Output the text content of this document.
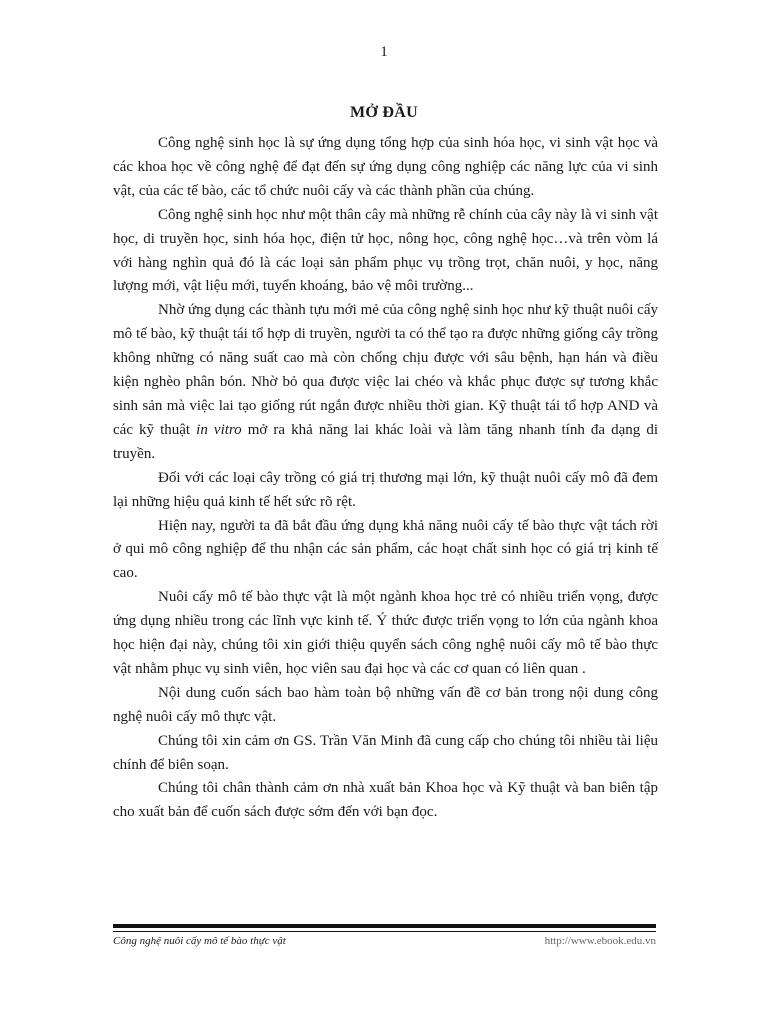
1
MỞ ĐẦU

Công nghệ sinh học là sự ứng dụng tổng hợp của sinh hóa học, vi sinh vật học và các khoa học về công nghệ để đạt đến sự ứng dụng công nghiệp các năng lực của vi sinh vật, của các tế bào, các tổ chức nuôi cấy và các thành phần của chúng.

Công nghệ sinh học như một thân cây mà những rễ chính của cây này là vi sinh vật học, di truyền học, sinh hóa học, điện tử học, nông học, công nghệ học…và trên vòm lá với hàng nghìn quả đó là các loại sản phẩm phục vụ trồng trọt, chăn nuôi, y học, năng lượng mới, vật liệu mới, tuyển khoáng, bảo vệ môi trường...

Nhờ ứng dụng các thành tựu mới mẻ của công nghệ sinh học như kỹ thuật nuôi cấy mô tế bào, kỹ thuật tái tổ hợp di truyền, người ta có thể tạo ra được những giống cây trồng không những có năng suất cao mà còn chống chịu được với sâu bệnh, hạn hán và điều kiện nghèo phân bón. Nhờ bỏ qua được việc lai chéo và khắc phục được sự tương khắc sinh sản mà việc lai tạo giống rút ngắn được nhiều thời gian. Kỹ thuật tái tổ hợp AND và các kỹ thuật in vitro mở ra khả năng lai khác loài và làm tăng nhanh tính đa dạng di truyền.

Đối với các loại cây trồng có giá trị thương mại lớn, kỹ thuật nuôi cấy mô đã đem lại những hiệu quả kinh tế hết sức rõ rệt.

Hiện nay, người ta đã bắt đầu ứng dụng khả năng nuôi cấy tế bào thực vật tách rời ở qui mô công nghiệp để thu nhận các sản phẩm, các hoạt chất sinh học có giá trị kinh tế cao.

Nuôi cấy mô tế bào thực vật là một ngành khoa học trẻ có nhiều triển vọng, được ứng dụng nhiều trong các lĩnh vực kinh tế. Ý thức được triển vọng to lớn của ngành khoa học hiện đại này, chúng tôi xin giới thiệu quyển sách công nghệ nuôi cấy mô tế bào thực vật nhằm phục vụ sinh viên, học viên sau đại học và các cơ quan có liên quan .

Nội dung cuốn sách bao hàm toàn bộ những vấn đề cơ bản trong nội dung công nghệ nuôi cấy mô thực vật.

Chúng tôi xin cảm ơn GS. Trần Văn Minh đã cung cấp cho chúng tôi nhiều tài liệu chính để biên soạn.

Chúng tôi chân thành cảm ơn nhà xuất bản Khoa học và Kỹ thuật và ban biên tập cho xuất bản để cuốn sách được sớm đến với bạn đọc.

Công nghệ nuôi cấy mô tế bào thực vật	http://www.ebook.edu.vn
